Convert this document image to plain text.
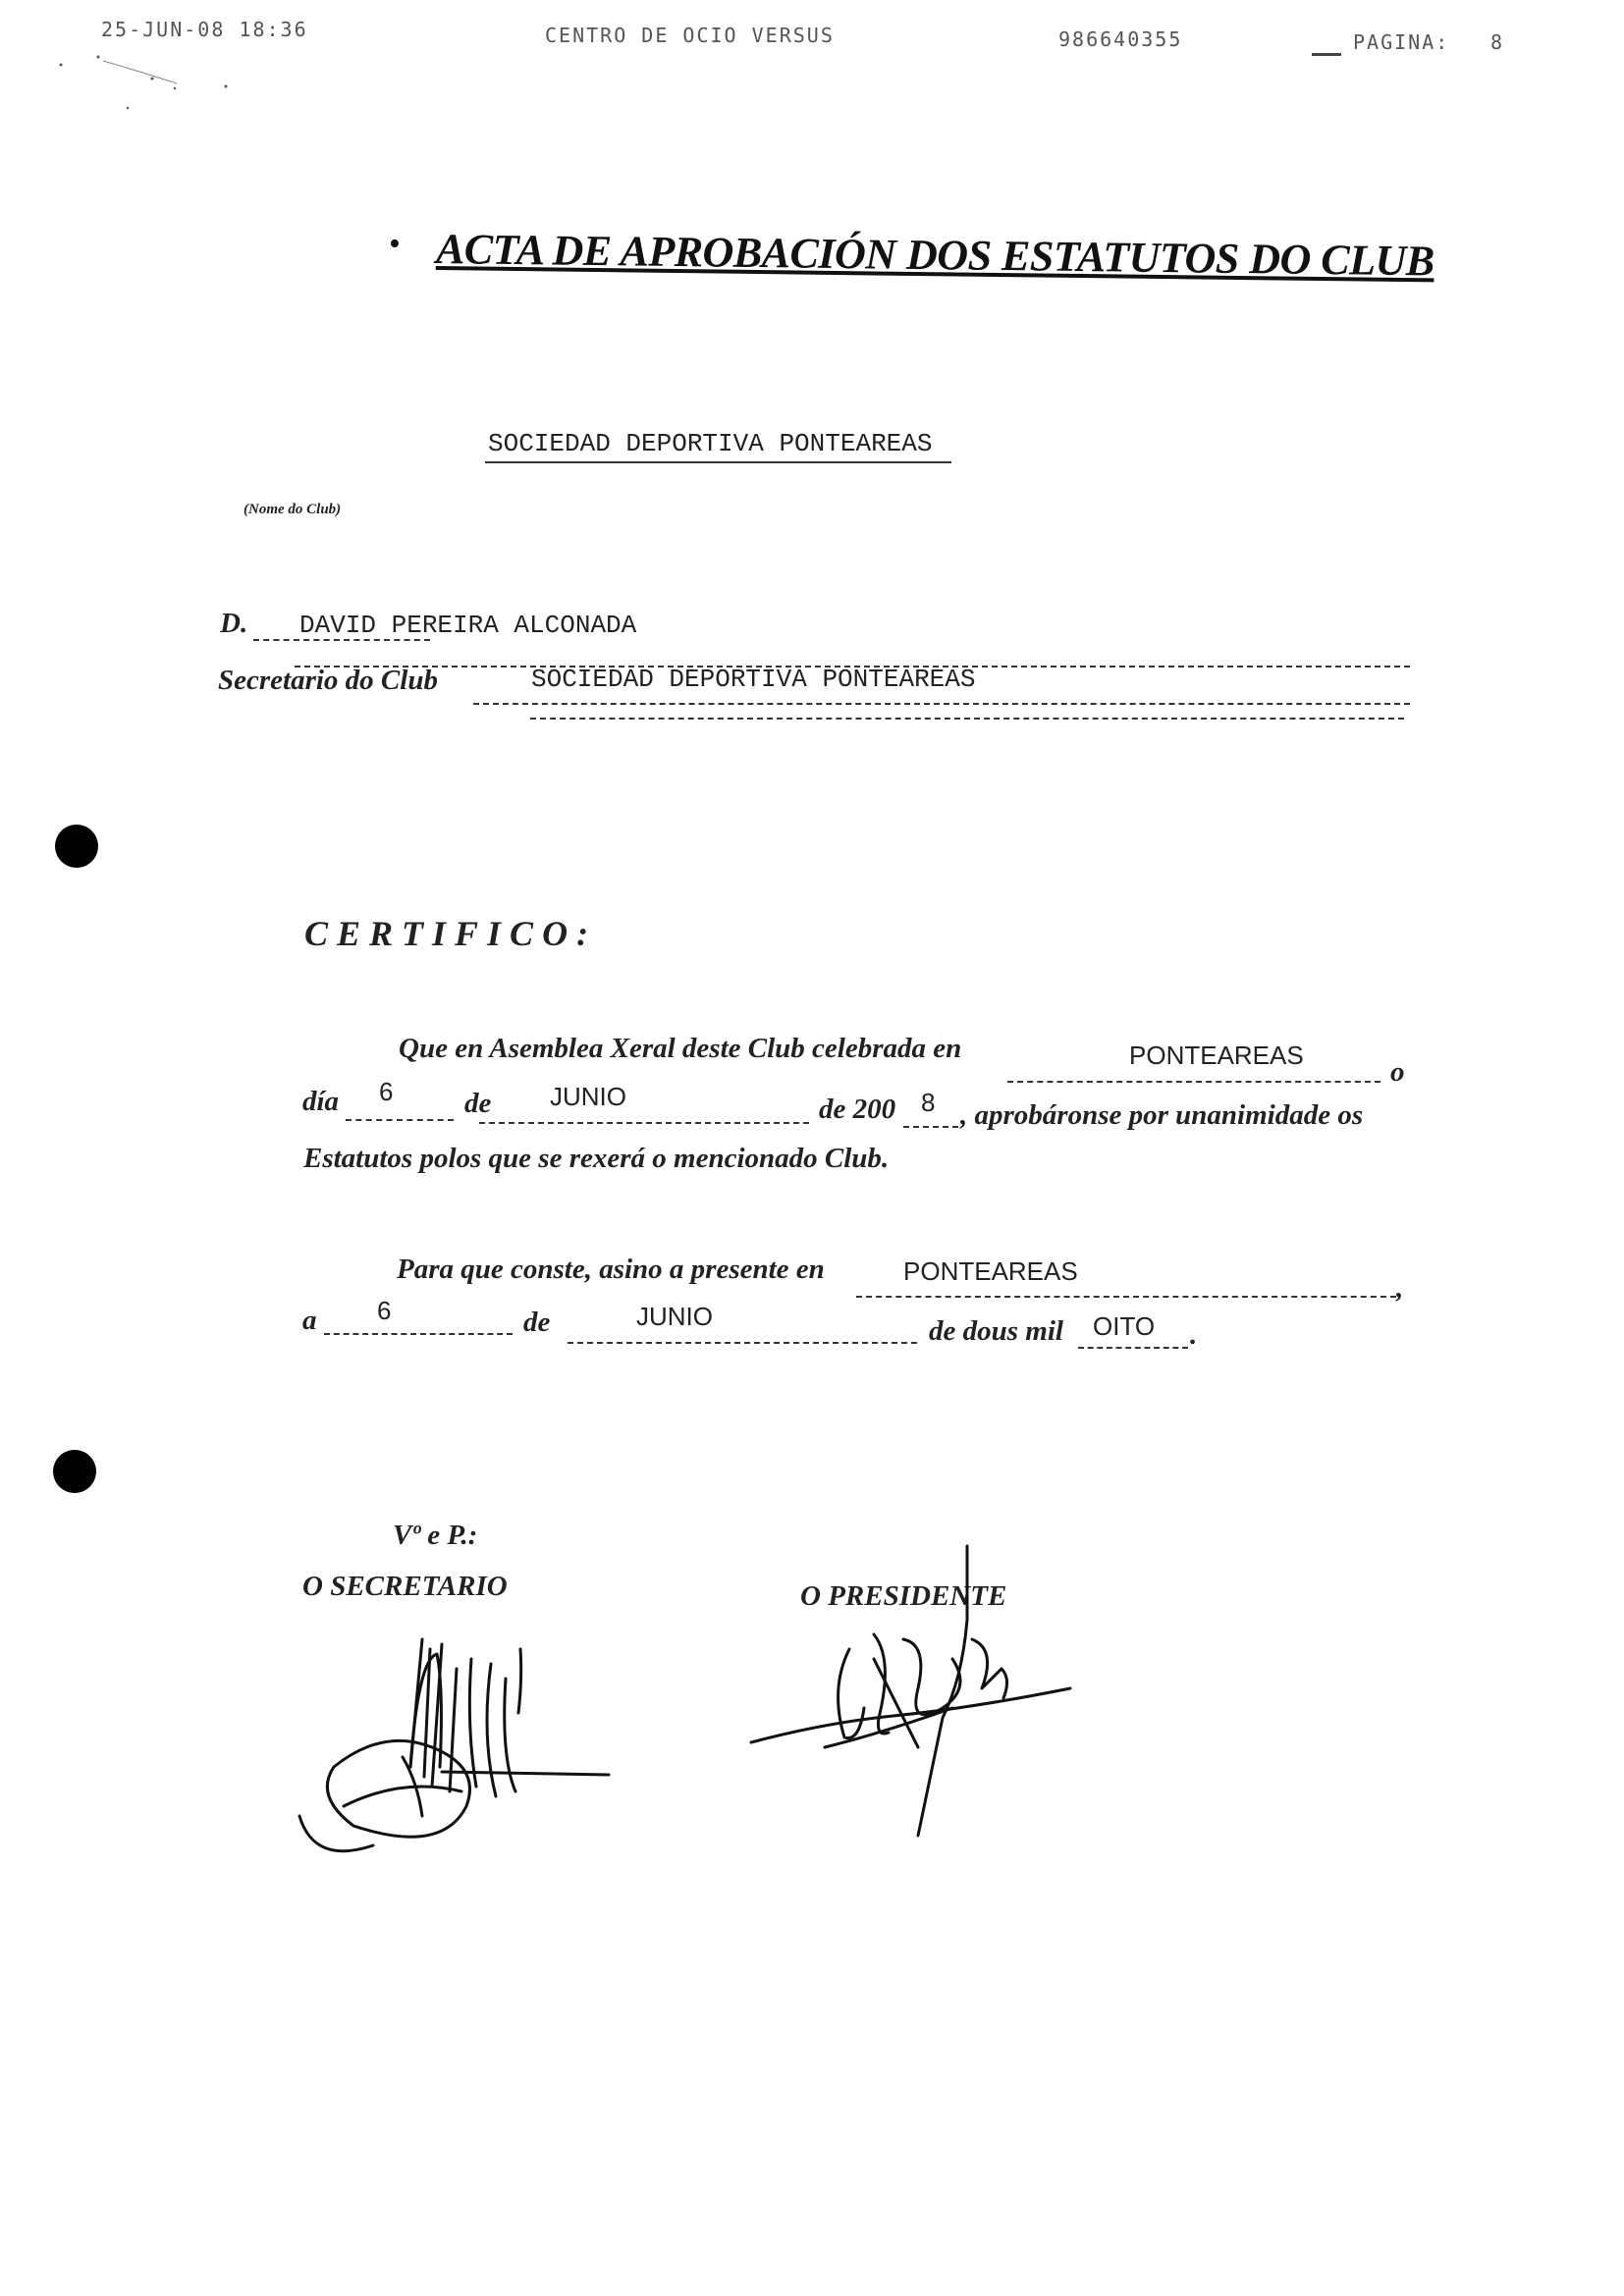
25-JUN-08 18:36	CENTRO DE OCIO VERSUS	986640355	PAGINA: 8
• ACTA DE APROBACIÓN DOS ESTATUTOS DO CLUB
SOCIEDAD DEPORTIVA PONTEAREAS
(Nome do Club)
D. DAVID PEREIRA ALCONADA
Secretario do Club	SOCIEDAD DEPORTIVA PONTEAREAS
CERTIFICO:
Que en Asemblea Xeral deste Club celebrada en	PONTEAREAS
o
día 6	de JUNIO	de 200 8 , aprobáronse por unanimidade os
Estatutos polos que se rexerá o mencionado Club.
Para que conste, asino a presente en	PONTEAREAS
,
a 6	de	JUNIO	de dous mil OITO .
Vº e P.:
O SECRETARIO	O PRESIDENTE
